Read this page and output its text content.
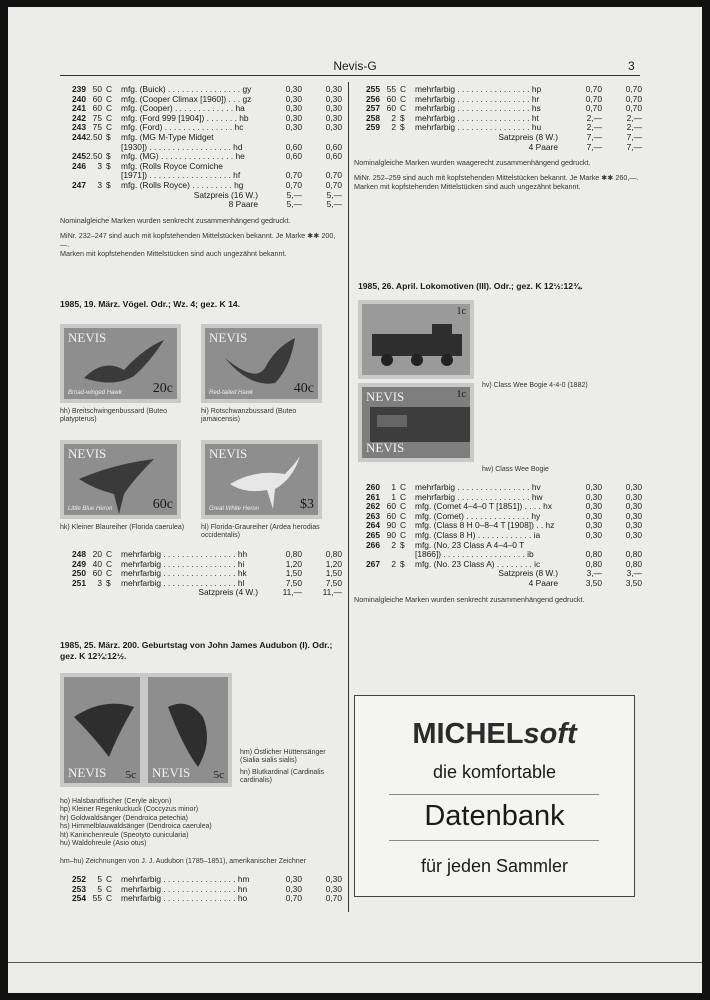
Nevis-G	3
239 50 C	mfg. (Buick) . . . . . . . . . . . . . . . . gy	0,30	0,30
240 60 C	mfg. (Cooper Climax [1960]) . . . gz	0,30	0,30
241 60 C	mfg. (Cooper) . . . . . . . . . . . . . ha	0,30	0,30
242 75 C	mfg. (Ford 999 [1904]) . . . . . . . hb	0,30	0,30
243 75 C	mfg. (Ford) . . . . . . . . . . . . . . . hc	0,30	0,30
244 2.50 $	mfg. (MG M-Type Midget
[1930]) . . . . . . . . . . . . . . . . . . hd	0,60	0,60
245 2.50 $	mfg. (MG) . . . . . . . . . . . . . . . . he	0,60	0,60
246	3 $	mfg. (Rolls Royce Corniche
[1971]) . . . . . . . . . . . . . . . . . . hf	0,70	0,70
247	3 $	mfg. (Rolls Royce) . . . . . . . . . hg	0,70	0,70
Satzpreis (16 W.)	5,—	5,—
8 Paare	5,—	5,—
Nominalgleiche Marken wurden senkrecht zusammenhängend gedruckt.
MiNr. 232–247 sind auch mit kopfstehenden Mittelstücken bekannt. Je Marke ✱✱ 200,—.
Marken mit kopfstehenden Mittelstücken sind auch ungezähnt bekannt.
1985, 19. März. Vögel. Odr.; Wz. 4; gez. K 14.
NEVIS
Broad-winged Hawk 20c
NEVIS
Red-tailed Hawk	40c
hh) Breitschwingenbussard (Buteo platypterus)
hi) Rotschwanzbussard (Buteo jamaicensis)
NEVIS
Little Blue Heron	60c
NEVIS
Great White Heron	$3
hk) Kleiner Blaureiher (Florida caerulea)	hl) Florida-Graureiher (Ardea herodias occidentalis)
248 20 C	mehrfarbig . . . . . . . . . . . . . . . . hh	0,80	0,80
249 40 C	mehrfarbig . . . . . . . . . . . . . . . . hi	1,20	1,20
250 60 C	mehrfarbig . . . . . . . . . . . . . . . . hk	1,50	1,50
251	3 $	mehrfarbig . . . . . . . . . . . . . . . . hl	7,50	7,50
Satzpreis (4 W.)	11,—	11,—
1985, 25. März. 200. Geburtstag von John James Audubon (I). Odr.; gez. K 12¾:12½.
NEVIS 5c NEVIS 5c
hm) Östlicher Hüttensänger (Sialia sialis sialis)
hn) Blutkardinal (Cardinalis cardinalis)
ho) Halsbandfischer (Ceryle alcyon)
hp) Kleiner Regenkuckuck (Coccyzus minor)
hr) Goldwaldsänger (Dendroica petechia)
hs) Himmelblauwaldsänger (Dendroica caerulea)
ht) Kaninchenreule (Speotyto cunicularia)
hu) Waldohreule (Asio otus)
hm–hu) Zeichnungen von J. J. Audubon (1785–1851), amerikanischer Zeichner
252	5 C	mehrfarbig . . . . . . . . . . . . . . . . hm	0,30	0,30
253	5 C	mehrfarbig . . . . . . . . . . . . . . . . hn	0,30	0,30
254 55 C	mehrfarbig . . . . . . . . . . . . . . . . ho	0,70	0,70
255 55 C	mehrfarbig . . . . . . . . . . . . . . . . hp	0,70	0,70
256 60 C	mehrfarbig . . . . . . . . . . . . . . . . hr	0,70	0,70
257 60 C	mehrfarbig . . . . . . . . . . . . . . . . hs	0,70	0,70
258	2 $	mehrfarbig . . . . . . . . . . . . . . . . ht	2,—	2,—
259	2 $	mehrfarbig . . . . . . . . . . . . . . . . hu	2,—	2,—
Satzpreis (8 W.)	7,—	7,—
4 Paare	7,—	7,—
Nominalgleiche Marken wurden waagerecht zusammenhängend gedruckt.
MiNr. 252–259 sind auch mit kopfstehenden Mittelstücken bekannt. Je Marke ✱✱ 260,—.
Marken mit kopfstehenden Mittelstücken sind auch ungezähnt bekannt.
1985, 26. April. Lokomotiven (III). Odr.; gez. K 12½:12¾.
1c
NEVIS	1c
NEVIS
hv) Class Wee Bogie 4-4-0 (1882)
hw) Class Wee Bogie
260	1 C	mehrfarbig . . . . . . . . . . . . . . . . hv	0,30	0,30
261	1 C	mehrfarbig . . . . . . . . . . . . . . . . hw	0,30	0,30
262 60 C	mfg. (Comet 4–4–0 T [1851]) . . . . hx	0,30	0,30
263 60 C	mfg. (Comet) . . . . . . . . . . . . . . hy	0,30	0,30
264 90 C	mfg. (Class 8 H 0–8–4 T [1908]) . . hz	0,30	0,30
265 90 C	mfg. (Class 8 H) . . . . . . . . . . . . ia	0,30	0,30
266	2 $	mfg. (No. 23 Class A 4–4–0 T
[1866]) . . . . . . . . . . . . . . . . . . ib	0,80	0,80
267	2 $	mfg. (No. 23 Class A) . . . . . . . . ic	0,80	0,80
Satzpreis (8 W.)	3,—	3,—
4 Paare	3,50	3,50
Nominalgleiche Marken wurden senkrecht zusammenhängend gedruckt.
MICHELsoft
die komfortable
Datenbank
für jeden Sammler
